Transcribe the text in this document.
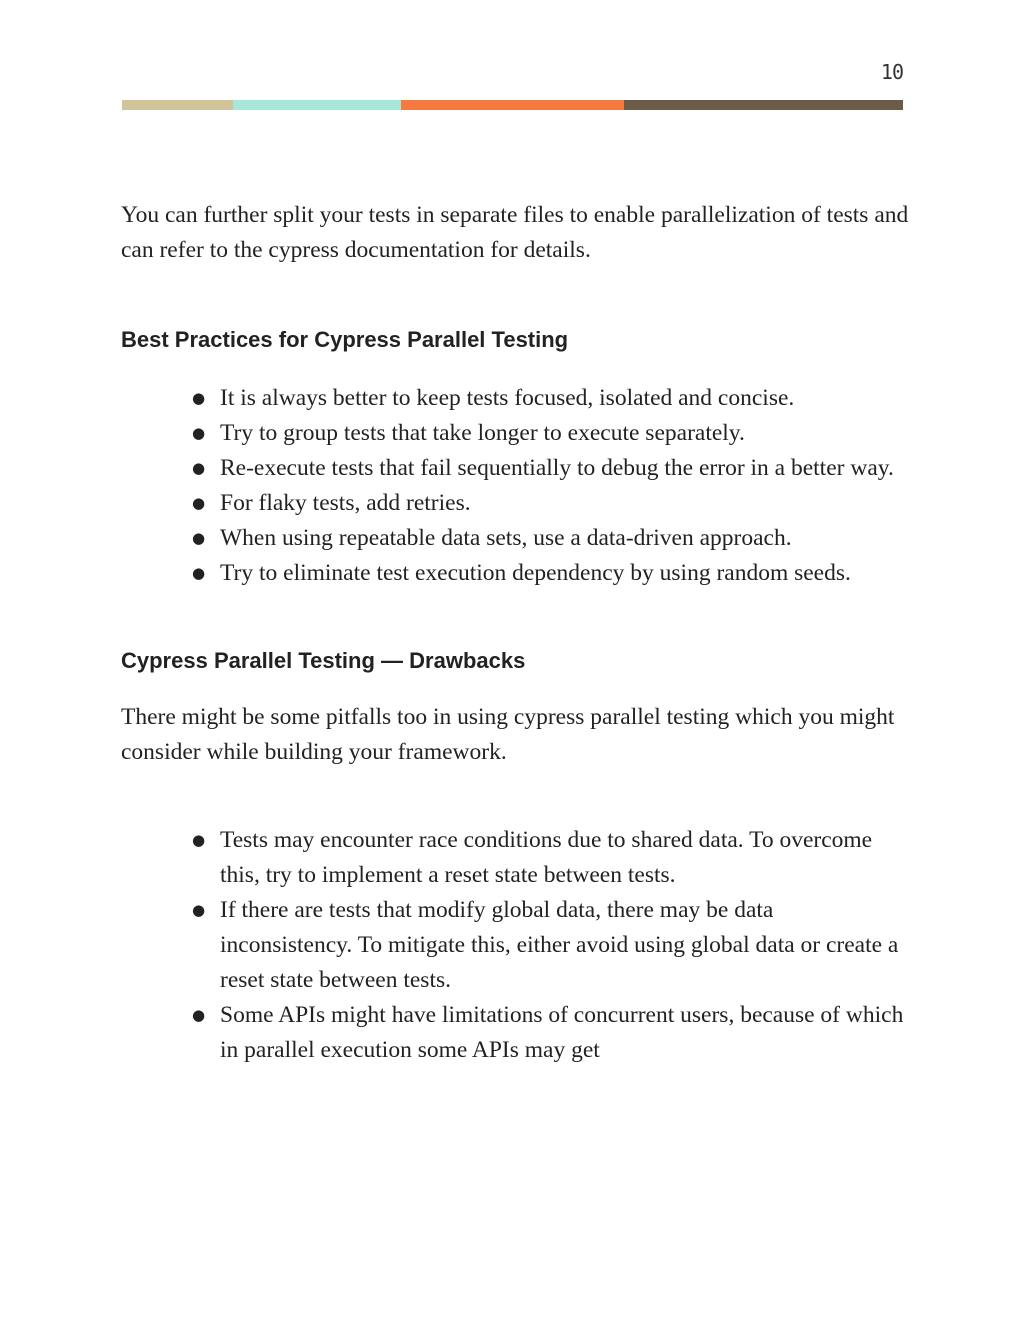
10

You can further split your tests in separate files to enable parallelization of tests and can refer to the cypress documentation for details.

Best Practices for Cypress Parallel Testing
● It is always better to keep tests focused, isolated and concise.
● Try to group tests that take longer to execute separately.
● Re-execute tests that fail sequentially to debug the error in a better way.
● For flaky tests, add retries.
● When using repeatable data sets, use a data-driven approach.
● Try to eliminate test execution dependency by using random seeds.
Cypress Parallel Testing — Drawbacks

There might be some pitfalls too in using cypress parallel testing which you might consider while building your framework.

● Tests may encounter race conditions due to shared data. To overcome this, try to implement a reset state between tests.
● If there are tests that modify global data, there may be data inconsistency. To mitigate this, either avoid using global data or create a reset state between tests.
● Some APIs might have limitations of concurrent users, because of which in parallel execution some APIs may get
